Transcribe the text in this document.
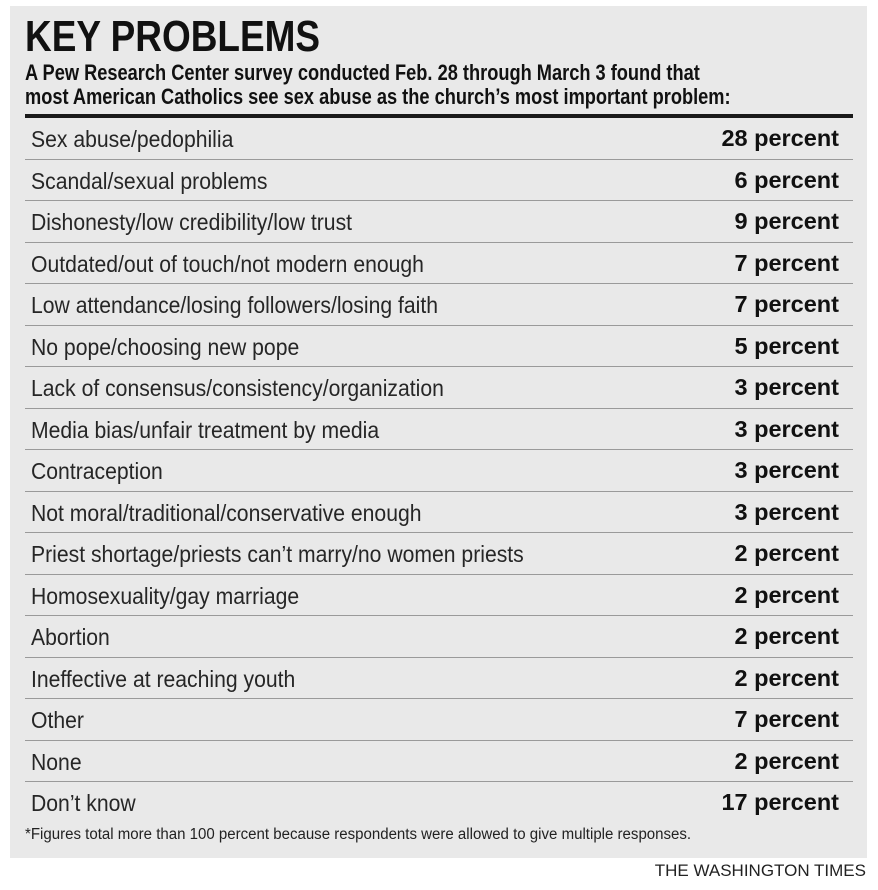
KEY PROBLEMS
A Pew Research Center survey conducted Feb. 28 through March 3 found that
most American Catholics see sex abuse as the church’s most important problem:
Sex abuse/pedophilia	28 percent
Scandal/sexual problems	6 percent
Dishonesty/low credibility/low trust	9 percent
Outdated/out of touch/not modern enough	7 percent
Low attendance/losing followers/losing faith	7 percent
No pope/choosing new pope	5 percent
Lack of consensus/consistency/organization	3 percent
Media bias/unfair treatment by media	3 percent
Contraception	3 percent
Not moral/traditional/conservative enough	3 percent
Priest shortage/priests can’t marry/no women priests	2 percent
Homosexuality/gay marriage	2 percent
Abortion	2 percent
Ineffective at reaching youth	2 percent
Other	7 percent
None	2 percent
Don’t know	17 percent
*Figures total more than 100 percent because respondents were allowed to give multiple responses.
THE WASHINGTON TIMES
